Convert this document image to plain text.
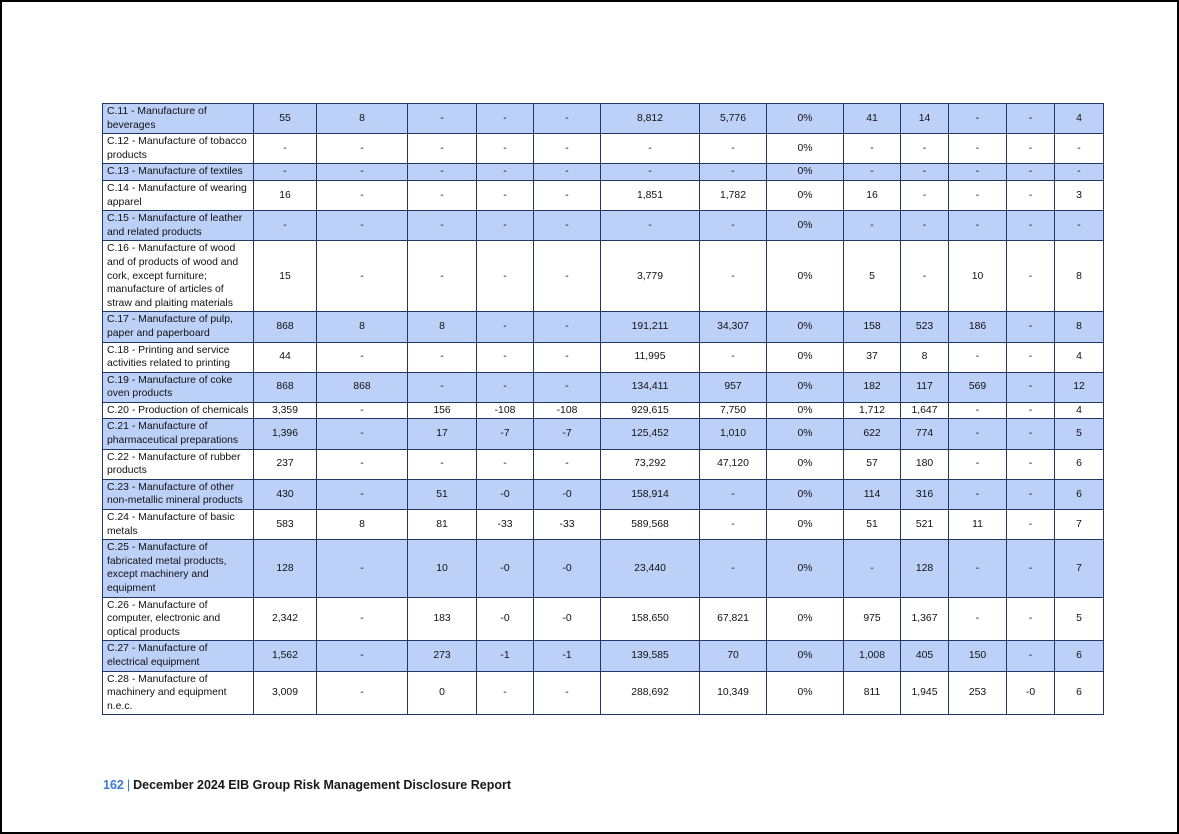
C.11 - Manufacture of beverages	55	8	-	-	-	8,812	5,776	0%	41	14	-	-	4
C.12 - Manufacture of tobacco products	-	-	-	-	-	-	-	0%	-	-	-	-	-
C.13 - Manufacture of textiles	-	-	-	-	-	-	-	0%	-	-	-	-	-
C.14 - Manufacture of wearing apparel	16	-	-	-	-	1,851	1,782	0%	16	-	-	-	3
C.15 - Manufacture of leather and related products	-	-	-	-	-	-	-	0%	-	-	-	-	-
C.16 - Manufacture of wood and of products of wood and cork, except furniture; manufacture of articles of straw and plaiting materials	15	-	-	-	-	3,779	-	0%	5	-	10	-	8
C.17 - Manufacture of pulp, paper and paperboard	868	8	8	-	-	191,211	34,307	0%	158	523	186	-	8
C.18 - Printing and service activities related to printing	44	-	-	-	-	11,995	-	0%	37	8	-	-	4
C.19 - Manufacture of coke oven products	868	868	-	-	-	134,411	957	0%	182	117	569	-	12
C.20 - Production of chemicals	3,359	-	156	-108	-108	929,615	7,750	0%	1,712	1,647	-	-	4
C.21 - Manufacture of pharmaceutical preparations	1,396	-	17	-7	-7	125,452	1,010	0%	622	774	-	-	5
C.22 - Manufacture of rubber products	237	-	-	-	-	73,292	47,120	0%	57	180	-	-	6
C.23 - Manufacture of other non-metallic mineral products	430	-	51	-0	-0	158,914	-	0%	114	316	-	-	6
C.24 - Manufacture of basic metals	583	8	81	-33	-33	589,568	-	0%	51	521	11	-	7
C.25 - Manufacture of fabricated metal products, except machinery and equipment	128	-	10	-0	-0	23,440	-	0%	-	128	-	-	7
C.26 - Manufacture of computer, electronic and optical products	2,342	-	183	-0	-0	158,650	67,821	0%	975	1,367	-	-	5
C.27 - Manufacture of electrical equipment	1,562	-	273	-1	-1	139,585	70	0%	1,008	405	150	-	6
C.28 - Manufacture of machinery and equipment n.e.c.	3,009	-	0	-	-	288,692	10,349	0%	811	1,945	253	-0	6
162 | December 2024 EIB Group Risk Management Disclosure Report
